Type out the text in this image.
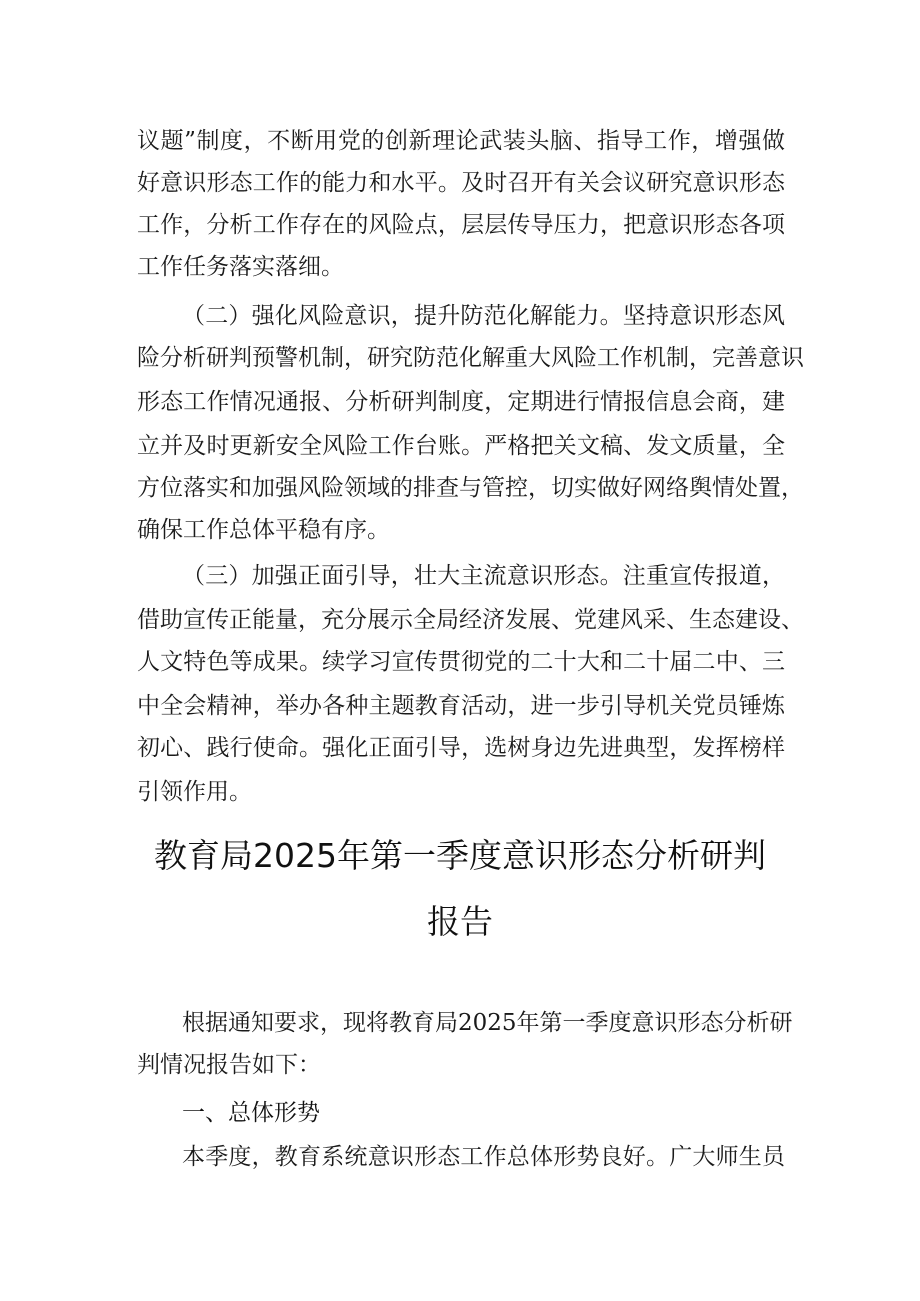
议题”制度，不断用党的创新理论武装头脑、指导工作，增强做
好意识形态工作的能力和水平。及时召开有关会议研究意识形态
工作，分析工作存在的风险点，层层传导压力，把意识形态各项
工作任务落实落细。
（二）强化风险意识，提升防范化解能力。坚持意识形态风
险分析研判预警机制，研究防范化解重大风险工作机制，完善意识
形态工作情况通报、分析研判制度，定期进行情报信息会商，建
立并及时更新安全风险工作台账。严格把关文稿、发文质量，全
方位落实和加强风险领域的排查与管控，切实做好网络舆情处置，
确保工作总体平稳有序。
（三）加强正面引导，壮大主流意识形态。注重宣传报道，
借助宣传正能量，充分展示全局经济发展、党建风采、生态建设、
人文特色等成果。续学习宣传贯彻党的二十大和二十届二中、三
中全会精神，举办各种主题教育活动，进一步引导机关党员锤炼
初心、践行使命。强化正面引导，选树身边先进典型，发挥榜样
引领作用。
教育局2025年第一季度意识形态分析研判
报告
根据通知要求，现将教育局2025年第一季度意识形态分析研
判情况报告如下：
一、总体形势
本季度，教育系统意识形态工作总体形势良好。广大师生员
